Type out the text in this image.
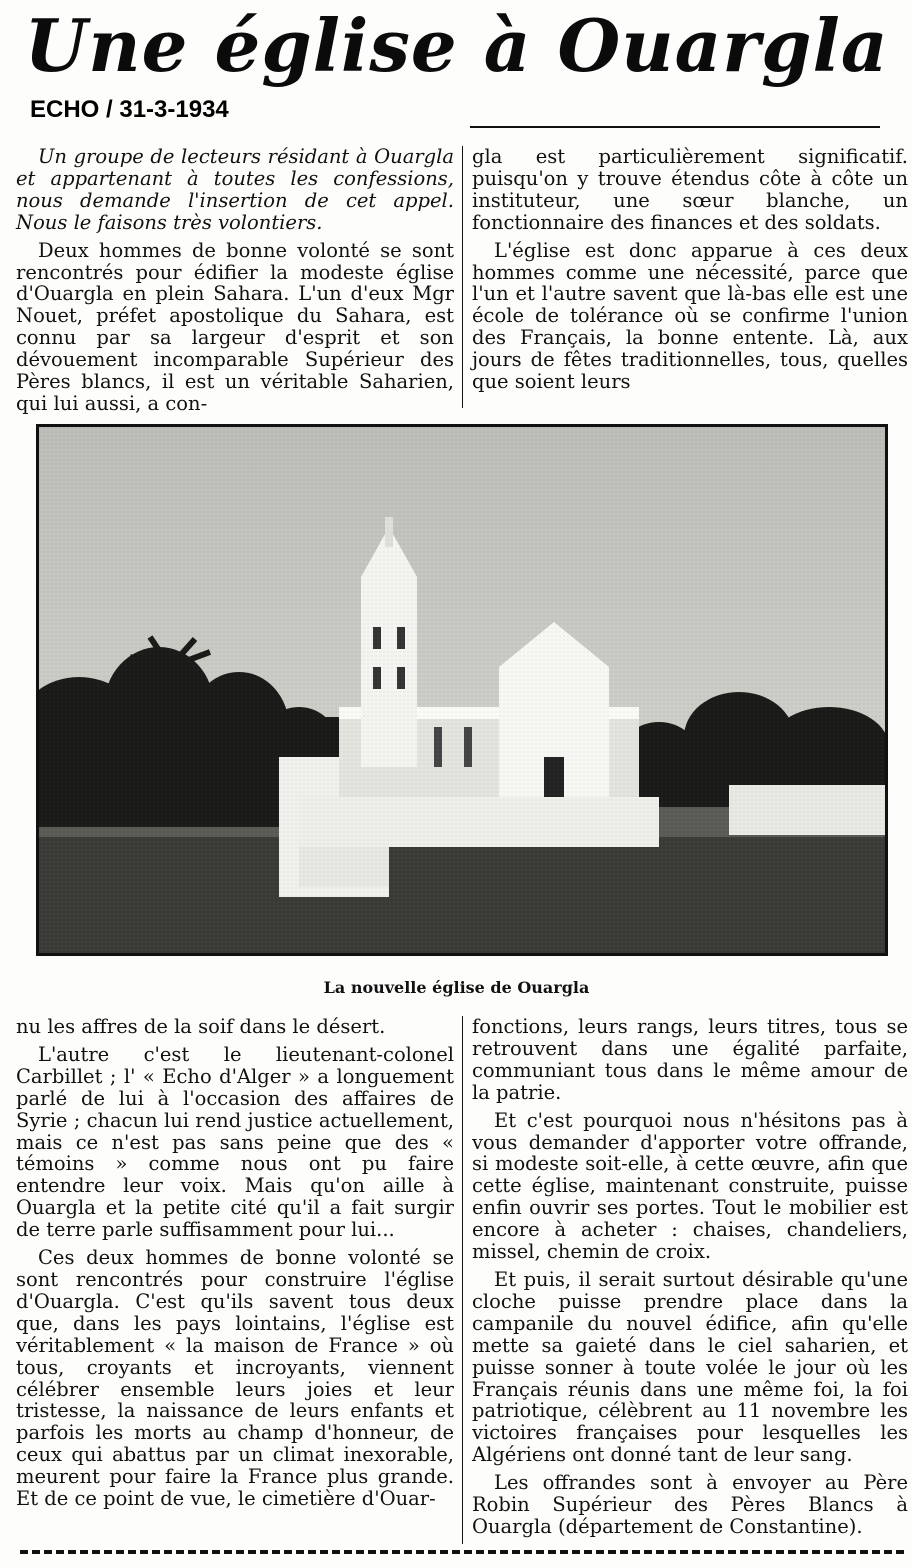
Une église à Ouargla
ECHO / 31-3-1934

Un groupe de lecteurs résidant à Ouargla et appartenant à toutes les confessions, nous demande l'insertion de cet appel. Nous le faisons très volontiers.

Deux hommes de bonne volonté se sont rencontrés pour édifier la modeste église d'Ouargla en plein Sahara. L'un d'eux Mgr Nouet, préfet apostolique du Sahara, est connu par sa largeur d'esprit et son dévouement incomparable Supérieur des Pères blancs, il est un véritable Saharien, qui lui aussi, a con-

gla est particulièrement significatif. puisqu'on y trouve étendus côte à côte un instituteur, une sœur blanche, un fonctionnaire des finances et des soldats.

L'église est donc apparue à ces deux hommes comme une nécessité, parce que l'un et l'autre savent que là-bas elle est une école de tolérance où se confirme l'union des Français, la bonne entente. Là, aux jours de fêtes traditionnelles, tous, quelles que soient leurs

La nouvelle église de Ouargla

nu les affres de la soif dans le désert.

L'autre c'est le lieutenant-colonel Carbillet ; l' « Echo d'Alger » a longuement parlé de lui à l'occasion des affaires de Syrie ; chacun lui rend justice actuellement, mais ce n'est pas sans peine que des « témoins » comme nous ont pu faire entendre leur voix. Mais qu'on aille à Ouargla et la petite cité qu'il a fait surgir de terre parle suffisamment pour lui...

Ces deux hommes de bonne volonté se sont rencontrés pour construire l'église d'Ouargla. C'est qu'ils savent tous deux que, dans les pays lointains, l'église est véritablement « la maison de France » où tous, croyants et incroyants, viennent célébrer ensemble leurs joies et leur tristesse, la naissance de leurs enfants et parfois les morts au champ d'honneur, de ceux qui abattus par un climat inexorable, meurent pour faire la France plus grande. Et de ce point de vue, le cimetière d'Ouar-

fonctions, leurs rangs, leurs titres, tous se retrouvent dans une égalité parfaite, communiant tous dans le même amour de la patrie.

Et c'est pourquoi nous n'hésitons pas à vous demander d'apporter votre offrande, si modeste soit-elle, à cette œuvre, afin que cette église, maintenant construite, puisse enfin ouvrir ses portes. Tout le mobilier est encore à acheter : chaises, chandeliers, missel, chemin de croix.

Et puis, il serait surtout désirable qu'une cloche puisse prendre place dans la campanile du nouvel édifice, afin qu'elle mette sa gaieté dans le ciel saharien, et puisse sonner à toute volée le jour où les Français réunis dans une même foi, la foi patriotique, célèbrent au 11 novembre les victoires françaises pour lesquelles les Algériens ont donné tant de leur sang.

Les offrandes sont à envoyer au Père Robin Supérieur des Pères Blancs à Ouargla (département de Constantine).
